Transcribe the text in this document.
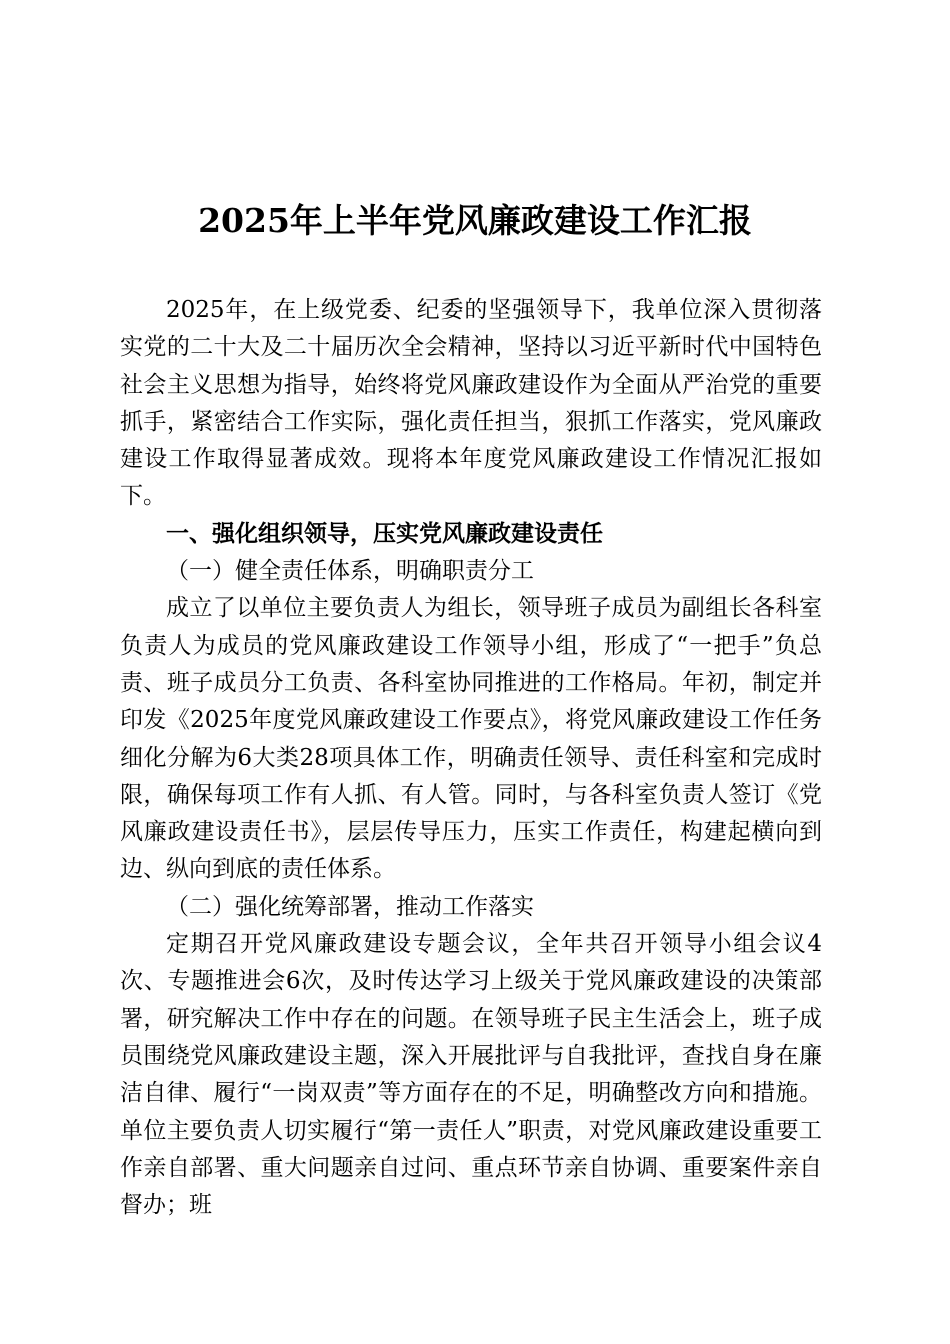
2025年上半年党风廉政建设工作汇报

2025年，在上级党委、纪委的坚强领导下，我单位深入贯彻落实党的二十大及二十届历次全会精神，坚持以习近平新时代中国特色社会主义思想为指导，始终将党风廉政建设作为全面从严治党的重要抓手，紧密结合工作实际，强化责任担当，狠抓工作落实，党风廉政建设工作取得显著成效。现将本年度党风廉政建设工作情况汇报如下。

一、强化组织领导，压实党风廉政建设责任

（一）健全责任体系，明确职责分工

成立了以单位主要负责人为组长，领导班子成员为副组长各科室负责人为成员的党风廉政建设工作领导小组，形成了“一把手”负总责、班子成员分工负责、各科室协同推进的工作格局。年初，制定并印发《2025年度党风廉政建设工作要点》，将党风廉政建设工作任务细化分解为6大类28项具体工作，明确责任领导、责任科室和完成时限，确保每项工作有人抓、有人管。同时，与各科室负责人签订《党风廉政建设责任书》，层层传导压力，压实工作责任，构建起横向到边、纵向到底的责任体系。

（二）强化统筹部署，推动工作落实

定期召开党风廉政建设专题会议，全年共召开领导小组会议4次、专题推进会6次，及时传达学习上级关于党风廉政建设的决策部署，研究解决工作中存在的问题。在领导班子民主生活会上，班子成员围绕党风廉政建设主题，深入开展批评与自我批评，查找自身在廉洁自律、履行“一岗双责”等方面存在的不足，明确整改方向和措施。单位主要负责人切实履行“第一责任人”职责，对党风廉政建设重要工作亲自部署、重大问题亲自过问、重点环节亲自协调、重要案件亲自督办；班
